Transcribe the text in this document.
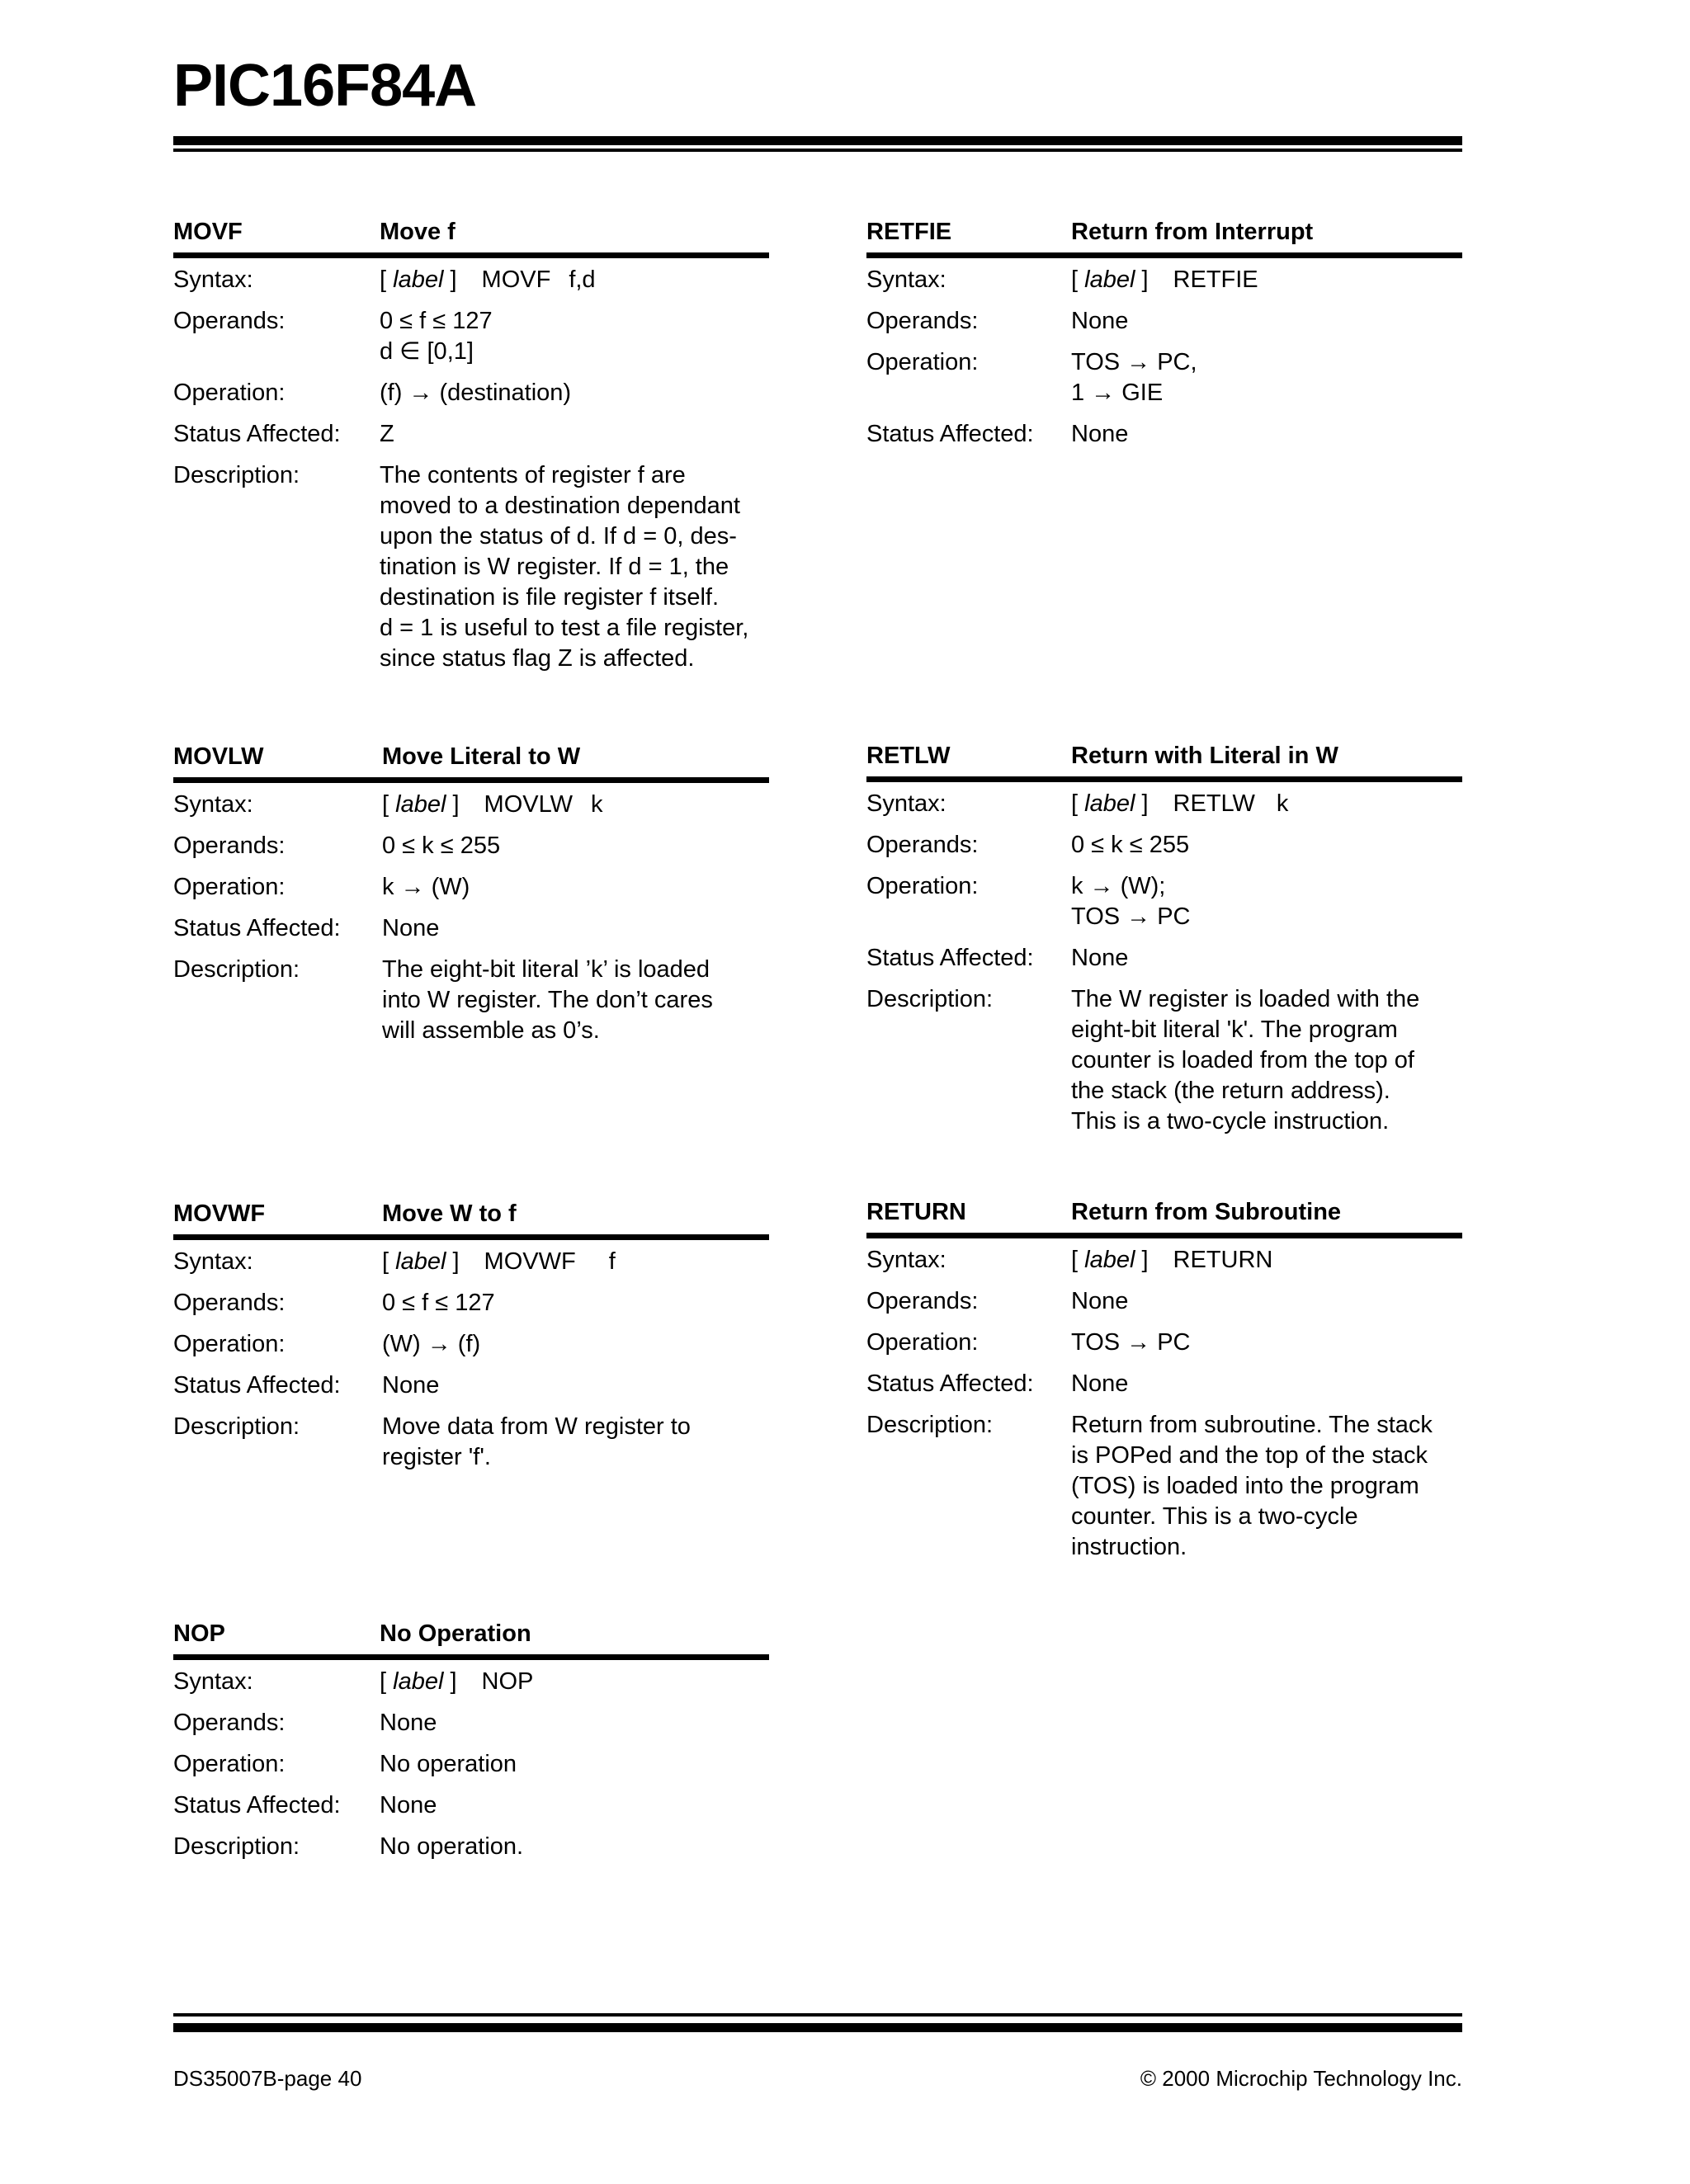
PIC16F84A
MOVF	Move f
Syntax:	[ label ] MOVF f,d
Operands:	0 ≤ f ≤ 127
d ∈ [0,1]
Operation:	(f) → (destination)
Status Affected: Z
Description:	The contents of register f are
moved to a destination dependant
upon the status of d. If d = 0, des-
tination is W register. If d = 1, the
destination is file register f itself.
d = 1 is useful to test a file register,
since status flag Z is affected.
MOVLW	Move Literal to W
Syntax:	[ label ] MOVLW k
Operands:	0 ≤ k ≤ 255
Operation:	k → (W)
Status Affected: None
Description:	The eight-bit literal ’k’ is loaded
into W register. The don’t cares
will assemble as 0’s.
MOVWF	Move W to f
Syntax:	[ label ] MOVWF f
Operands:	0 ≤ f ≤ 127
Operation:	(W) → (f)
Status Affected: None
Description:	Move data from W register to
register 'f'.
NOP	No Operation
Syntax:	[ label ] NOP
Operands:	None
Operation:	No operation
Status Affected: None
Description:	No operation.
RETFIE	Return from Interrupt
Syntax:	[ label ] RETFIE
Operands:	None
Operation:	TOS → PC,
1 → GIE
Status Affected: None
RETLW	Return with Literal in W
Syntax:	[ label ] RETLW k
Operands:	0 ≤ k ≤ 255
Operation:	k → (W);
TOS → PC
Status Affected: None
Description:	The W register is loaded with the
eight-bit literal 'k'. The program
counter is loaded from the top of
the stack (the return address).
This is a two-cycle instruction.
RETURN	Return from Subroutine
Syntax:	[ label ] RETURN
Operands:	None
Operation:	TOS → PC
Status Affected: None
Description:	Return from subroutine. The stack
is POPed and the top of the stack
(TOS) is loaded into the program
counter. This is a two-cycle
instruction.
DS35007B-page 40	© 2000 Microchip Technology Inc.
